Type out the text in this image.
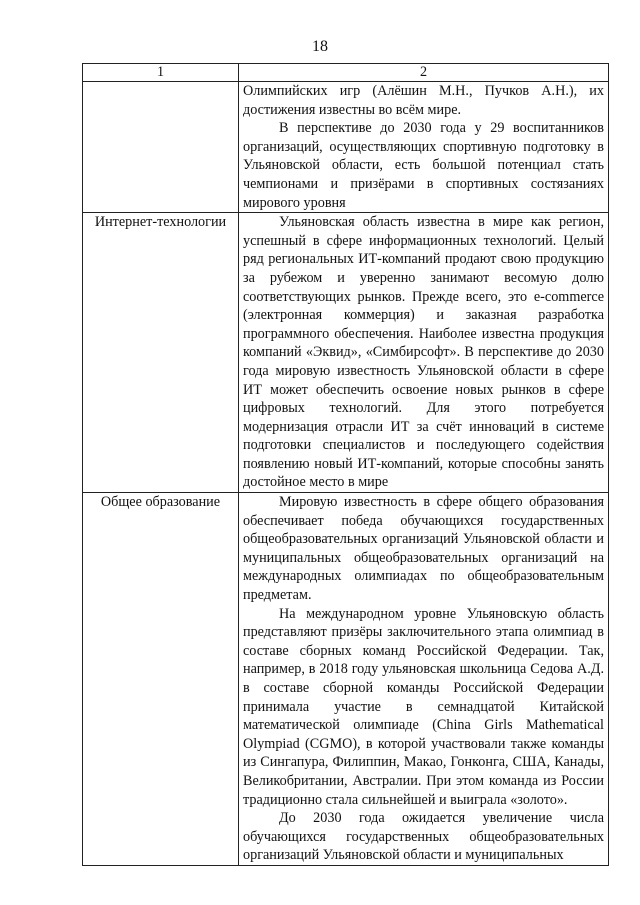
18
1	2

	Олимпийских игр (Алёшин М.Н., Пучков А.Н.), их достижения известны во всём мире.

В перспективе до 2030 года у 29 воспитанников организаций, осуществляющих спортивную подготовку в Ульяновской области, есть большой потенциал стать чемпионами и призёрами в спортивных состязаниях мирового уровня

Интернет-технологии	Ульяновская область известна в мире как регион, успешный в сфере информационных технологий. Целый ряд региональных ИТ-компаний продают свою продукцию за рубежом и уверенно занимают весомую долю соответствующих рынков. Прежде всего, это e-commerce (электронная коммерция) и заказная разработка программного обеспечения. Наиболее известна продукция компаний «Эквид», «Симбирсофт». В перспективе до 2030 года мировую известность Ульяновской области в сфере ИТ может обеспечить освоение новых рынков в сфере цифровых технологий. Для этого потребуется модернизация отрасли ИТ за счёт инноваций в системе подготовки специалистов и последующего содействия появлению новый ИТ-компаний, которые способны занять достойное место в мире

Общее образование	Мировую известность в сфере общего образования обеспечивает победа обучающихся государственных общеобразовательных организаций Ульяновской области и муниципальных общеобразовательных организаций на международных олимпиадах по общеобразовательным предметам.

На международном уровне Ульяновскую область представляют призёры заключительного этапа олимпиад в составе сборных команд Российской Федерации. Так, например, в 2018 году ульяновская школьница Седова А.Д. в составе сборной команды Российской Федерации принимала участие в семнадцатой Китайской математической олимпиаде (China Girls Mathematical Olympiad (CGMO), в которой участвовали также команды из Сингапура, Филиппин, Макао, Гонконга, США, Канады, Великобритании, Австралии. При этом команда из России традиционно стала сильнейшей и выиграла «золото».

До 2030 года ожидается увеличение числа обучающихся государственных общеобразовательных организаций Ульяновской области и муниципальных
